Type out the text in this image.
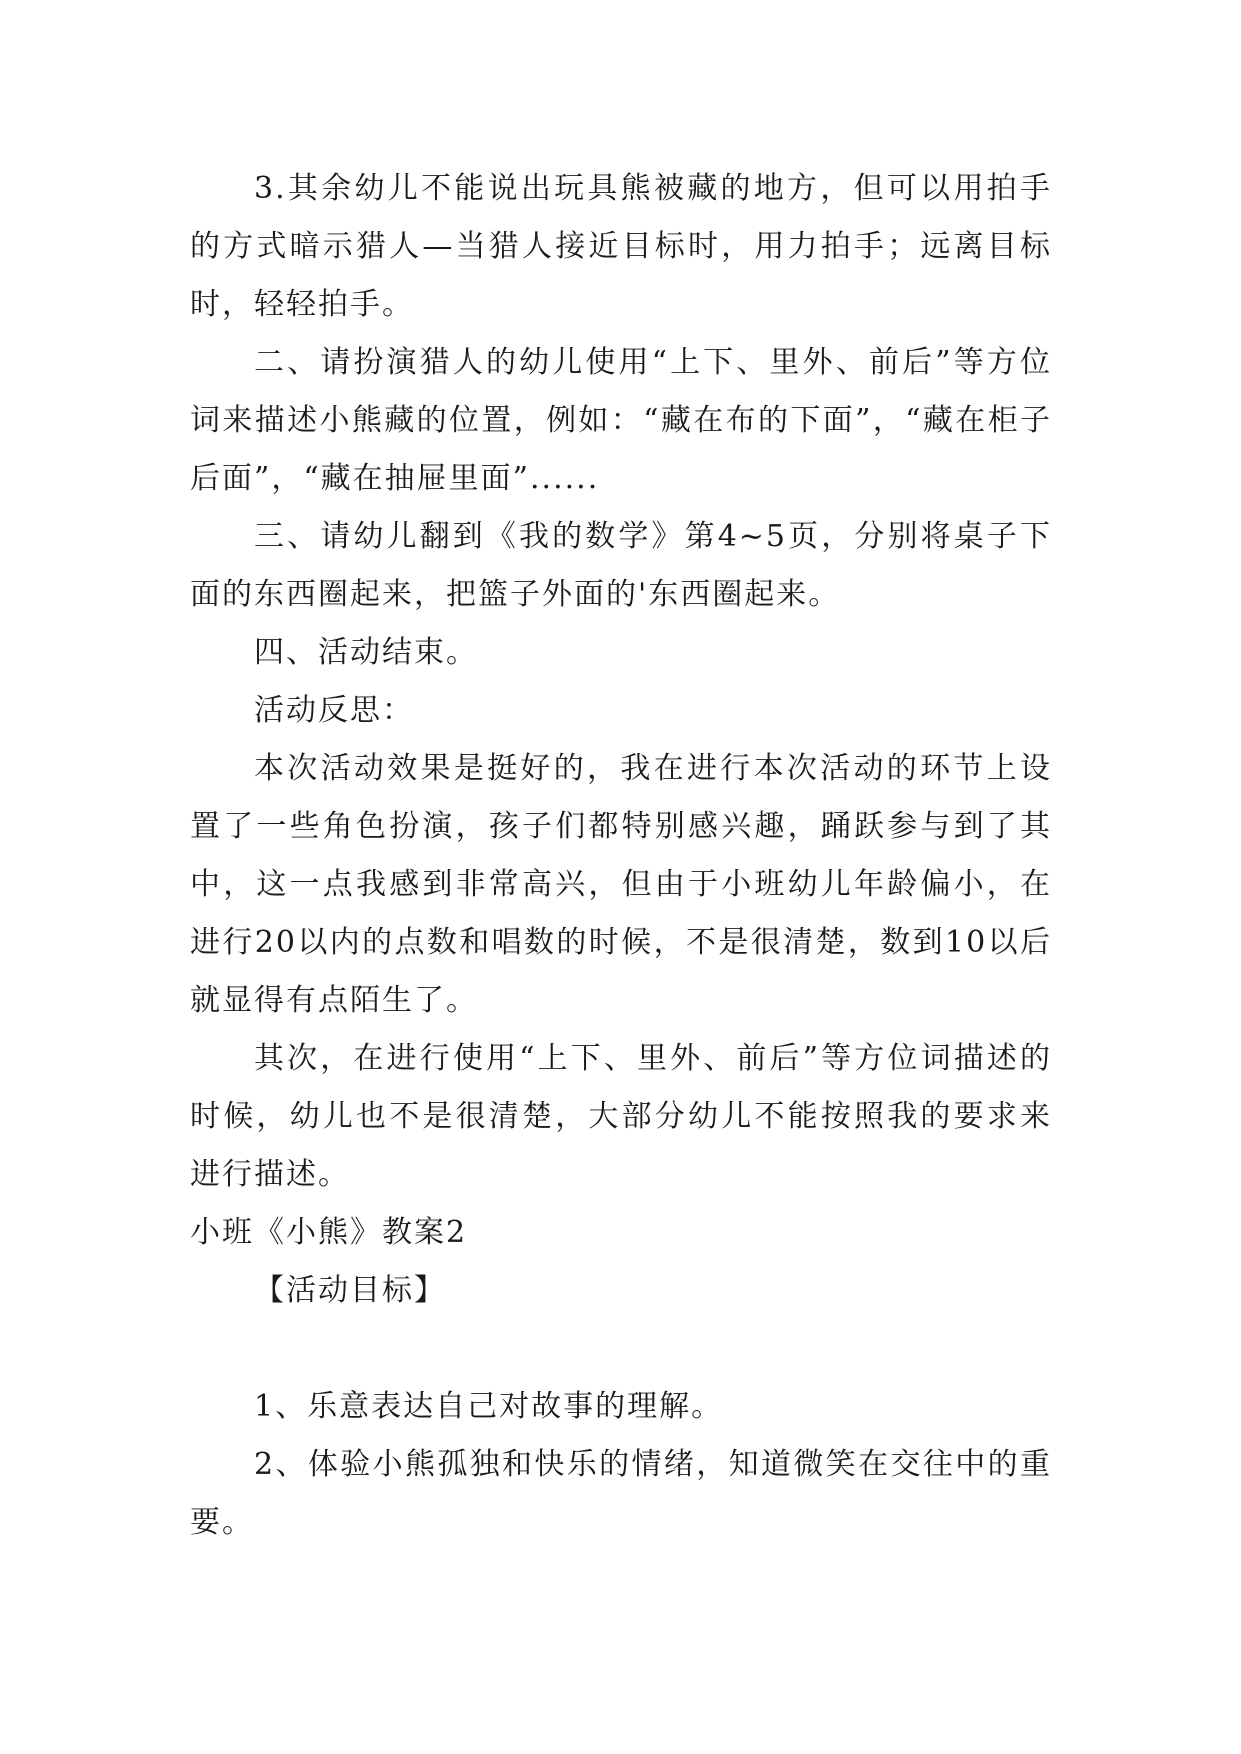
3.其余幼儿不能说出玩具熊被藏的地方，但可以用拍手的方式暗示猎人—当猎人接近目标时，用力拍手；远离目标时，轻轻拍手。

二、请扮演猎人的幼儿使用“上下、里外、前后”等方位词来描述小熊藏的位置，例如：“藏在布的下面”，“藏在柜子后面”，“藏在抽屉里面”......

三、请幼儿翻到《我的数学》第4~5页，分别将桌子下面的东西圈起来，把篮子外面的'东西圈起来。

四、活动结束。

活动反思：

本次活动效果是挺好的，我在进行本次活动的环节上设置了一些角色扮演，孩子们都特别感兴趣，踊跃参与到了其中，这一点我感到非常高兴，但由于小班幼儿年龄偏小，在进行20以内的点数和唱数的时候，不是很清楚，数到10以后就显得有点陌生了。

其次，在进行使用“上下、里外、前后”等方位词描述的时候，幼儿也不是很清楚，大部分幼儿不能按照我的要求来进行描述。

小班《小熊》教案2

【活动目标】

1、乐意表达自己对故事的理解。

2、体验小熊孤独和快乐的情绪，知道微笑在交往中的重要。
